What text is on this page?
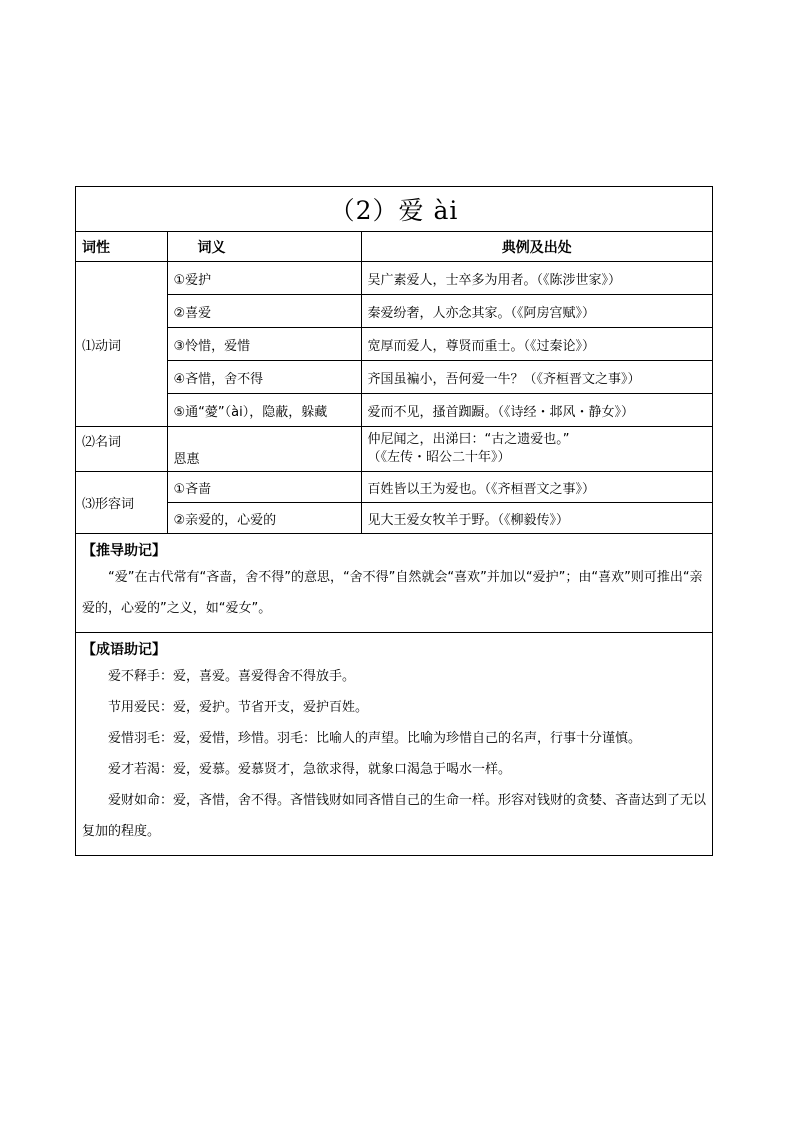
（2）爱 ài
词性	词义	典例及出处
⑴动词	①爱护	吴广素爱人，士卒多为用者。（《陈涉世家》）
	②喜爱	秦爱纷奢，人亦念其家。（《阿房宫赋》）
	③怜惜，爱惜	宽厚而爱人，尊贤而重士。（《过秦论》）
	④吝惜，舍不得	齐国虽褊小，吾何爱一牛？（《齐桓晋文之事》）
	⑤通“薆”（ài），隐蔽，躲藏	爱而不见，搔首踟蹰。（《诗经・邶风・静女》）
⑵名词	恩惠	仲尼闻之，出涕曰：“古之遗爱也。”
（《左传・昭公二十年》）

⑶形容词	①吝啬	百姓皆以王为爱也。（《齐桓晋文之事》）
	②亲爱的，心爱的	见大王爱女牧羊于野。（《柳毅传》）
【推导助记】

“爱”在古代常有“吝啬，舍不得”的意思，“舍不得”自然就会“喜欢”并加以“爱护”；由“喜欢”则可推出“亲爱的，心爱的”之义，如“爱女”。

【成语助记】

爱不释手：爱，喜爱。喜爱得舍不得放手。

节用爱民：爱，爱护。节省开支，爱护百姓。

爱惜羽毛：爱，爱惜，珍惜。羽毛：比喻人的声望。比喻为珍惜自己的名声，行事十分谨慎。

爱才若渴：爱，爱慕。爱慕贤才，急欲求得，就象口渴急于喝水一样。

爱财如命：爱，吝惜，舍不得。吝惜钱财如同吝惜自己的生命一样。形容对钱财的贪婪、吝啬达到了无以复加的程度。
